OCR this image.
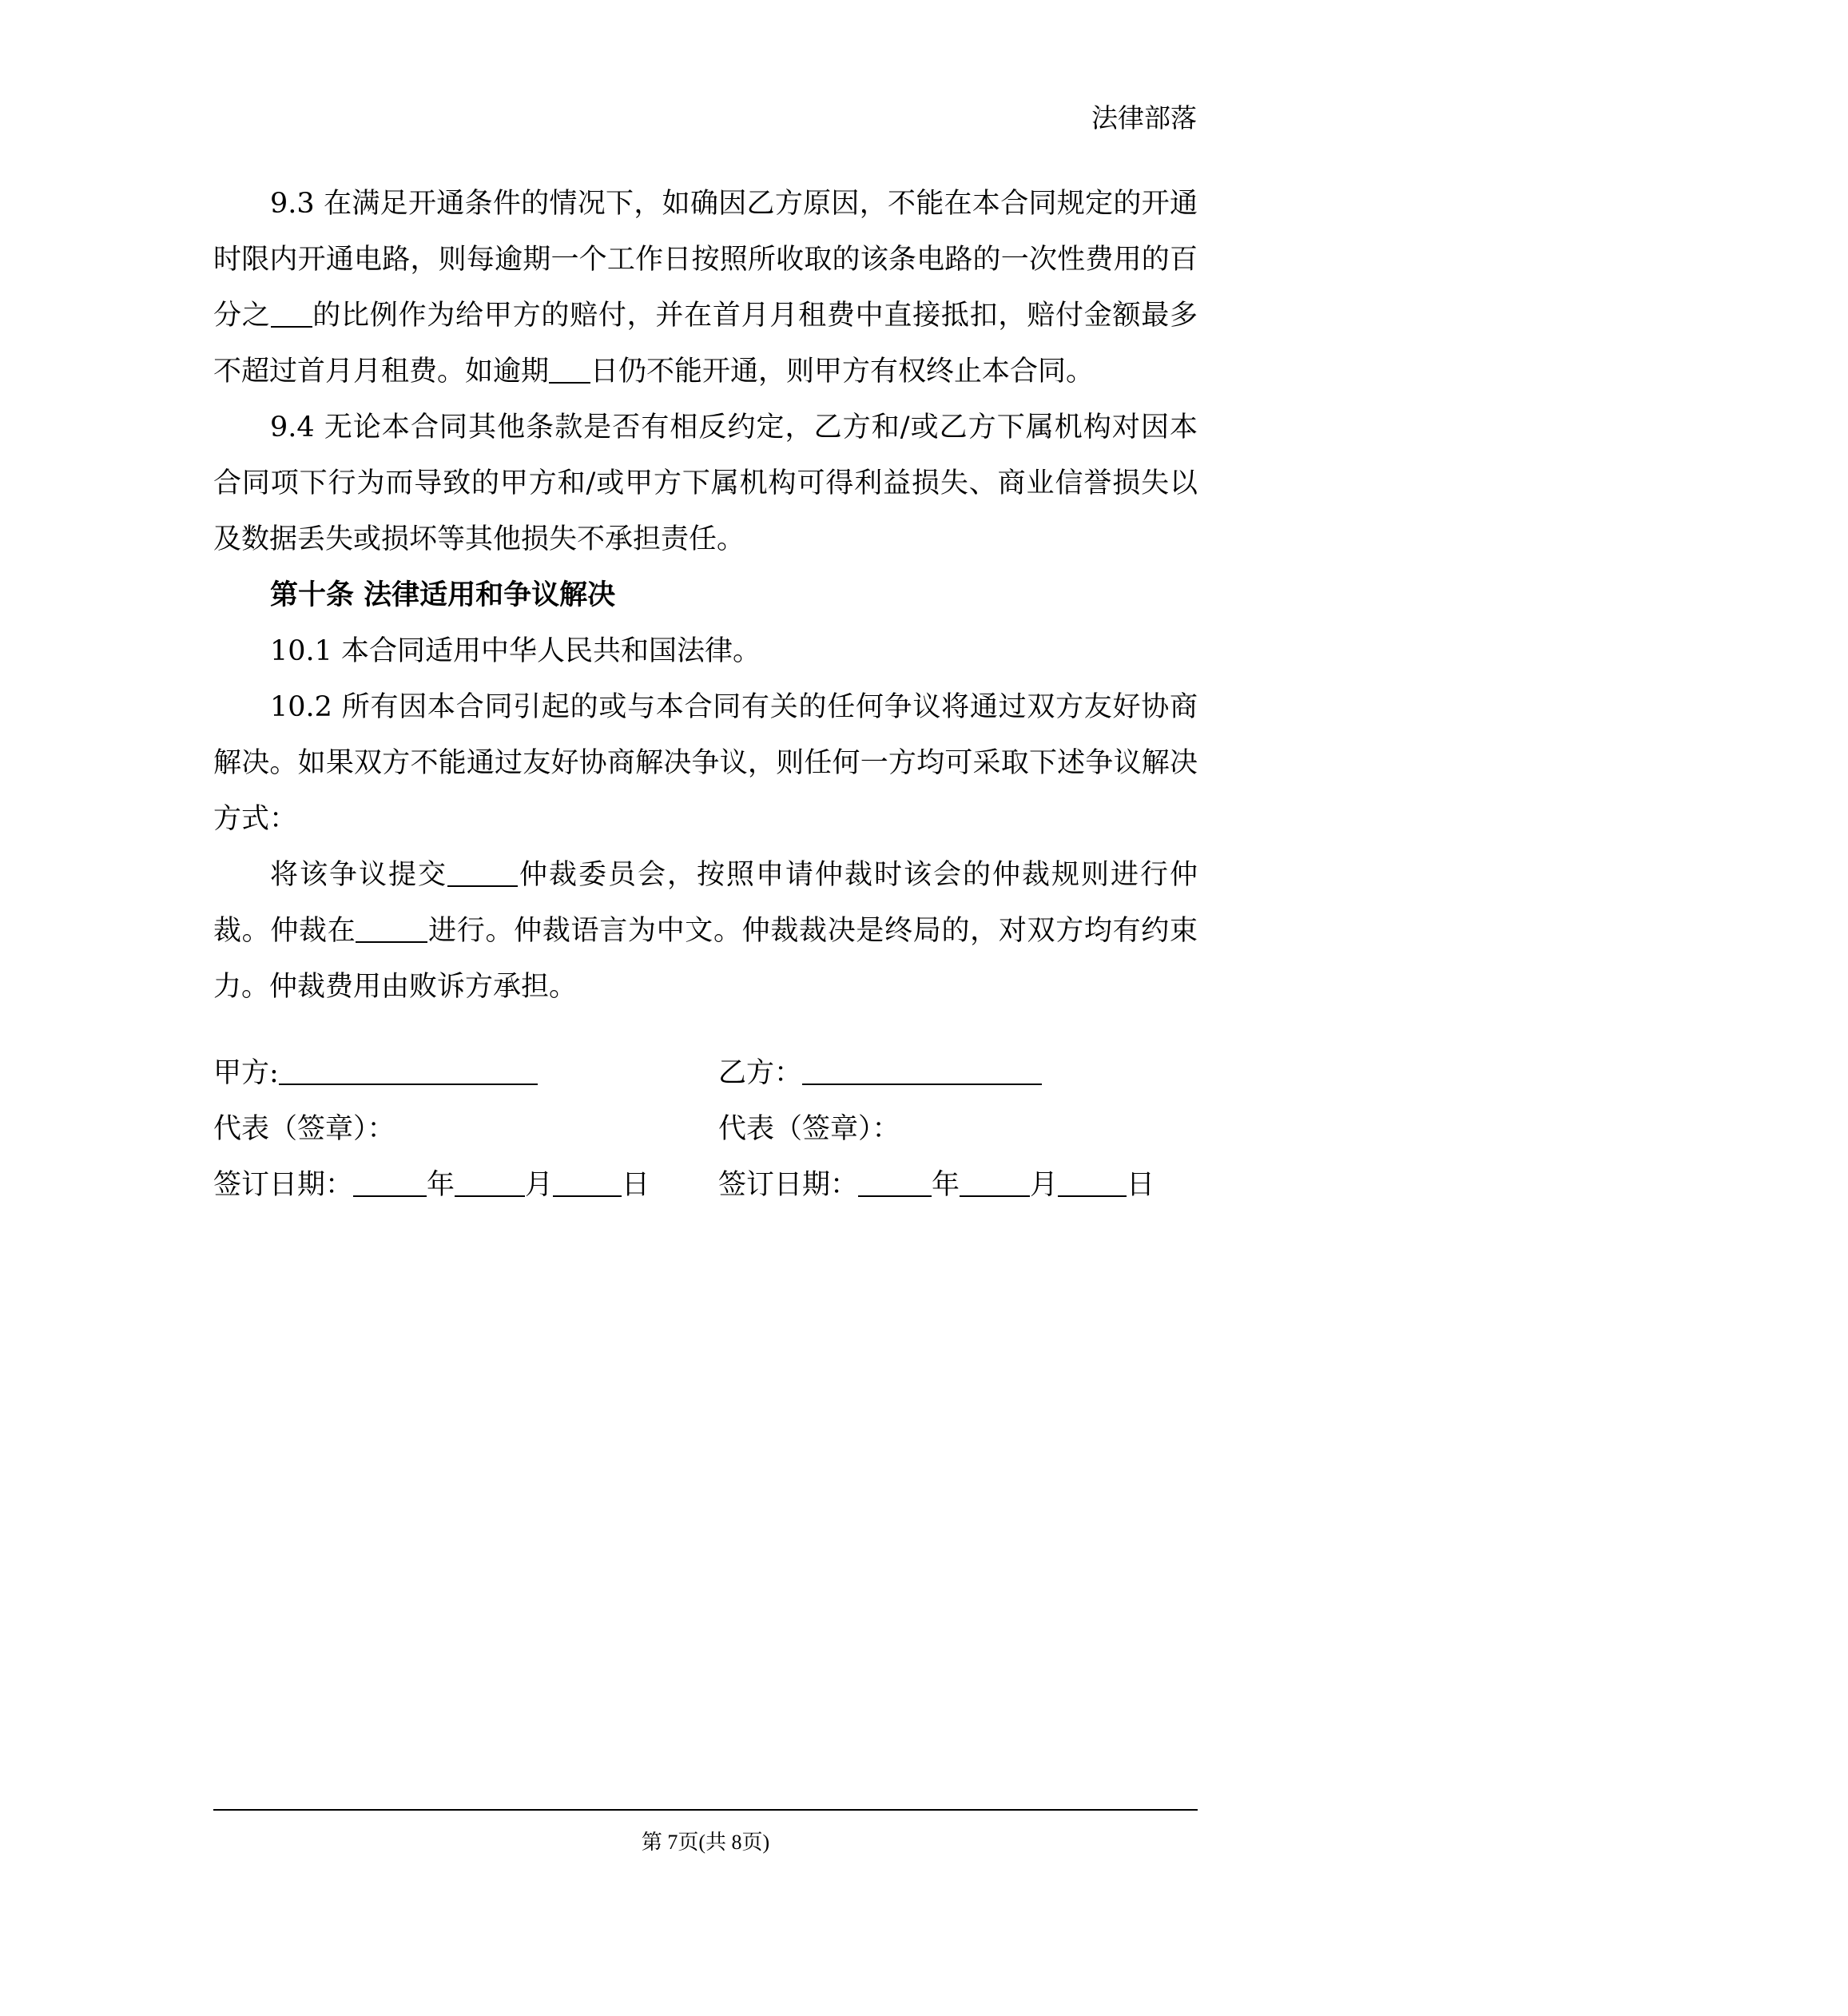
法律部落

9.3 在满足开通条件的情况下，如确因乙方原因，不能在本合同规定的开通时限内开通电路，则每逾期一个工作日按照所收取的该条电路的一次性费用的百分之 的比例作为给甲方的赔付，并在首月月租费中直接抵扣，赔付金额最多不超过首月月租费。如逾期 日仍不能开通，则甲方有权终止本合同。

9.4 无论本合同其他条款是否有相反约定，乙方和/或乙方下属机构对因本合同项下行为而导致的甲方和/或甲方下属机构可得利益损失、商业信誉损失以及数据丢失或损坏等其他损失不承担责任。

第十条 法律适用和争议解决

10.1 本合同适用中华人民共和国法律。

10.2 所有因本合同引起的或与本合同有关的任何争议将通过双方友好协商解决。如果双方不能通过友好协商解决争议，则任何一方均可采取下述争议解决方式：

将该争议提交	仲裁委员会，按照申请仲裁时该会的仲裁规则进行仲裁。仲裁在	进行。仲裁语言为中文。仲裁裁决是终局的，对双方均有约束力。仲裁费用由败诉方承担。

甲方:

代表（签章）：

签订日期：	年	月 日

乙方：

代表（签章）：

签订日期：	年	月 日

第 7页(共 8页)
